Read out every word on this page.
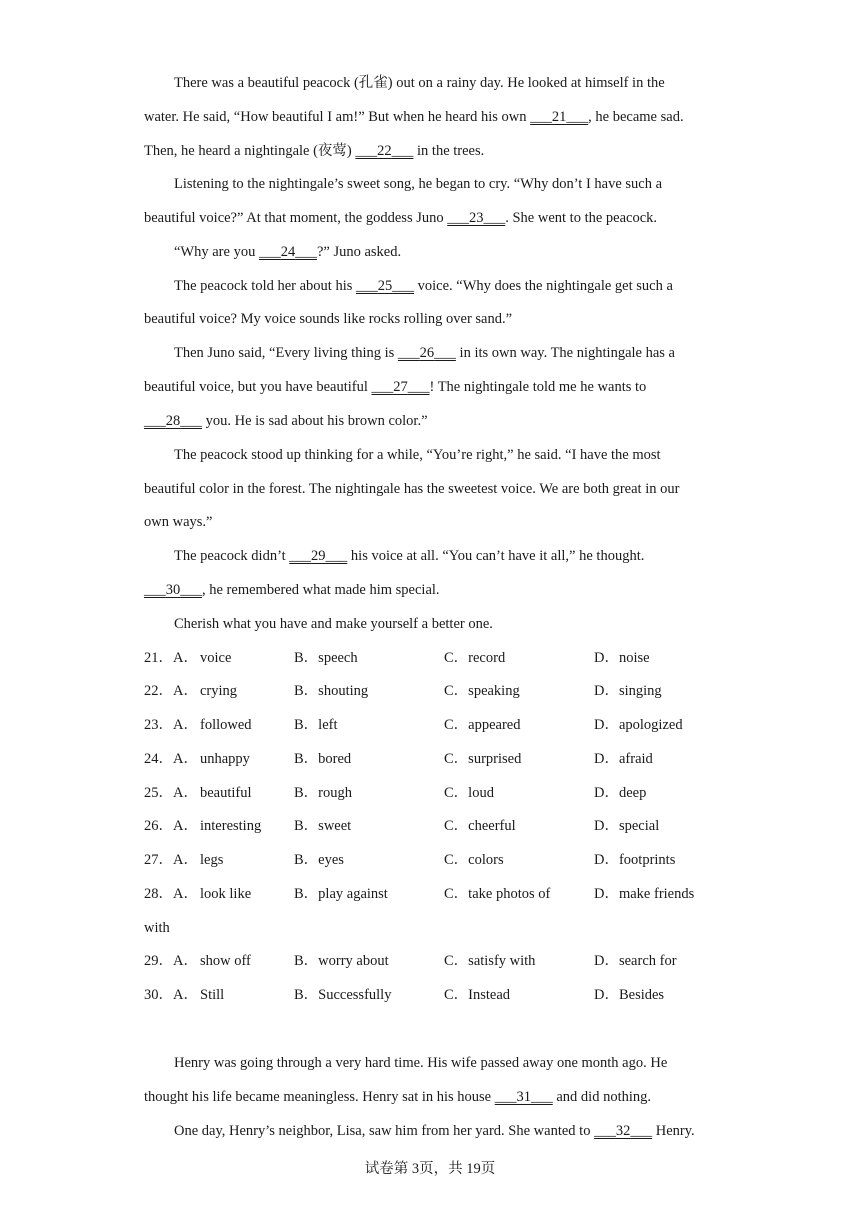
There was a beautiful peacock (孔雀) out on a rainy day. He looked at himself in the
water. He said, “How beautiful I am!” But when he heard his own ___ 21 ___ , he became sad.
Then, he heard a nightingale (夜莺) ___ 22 ___ in the trees.
Listening to the nightingale’s sweet song, he began to cry. “Why don’t I have such a
beautiful voice?” At that moment, the goddess Juno ___ 23 ___ . She went to the peacock.
“Why are you ___ 24 ___ ?” Juno asked.
The peacock told her about his ___ 25 ___ voice. “Why does the nightingale get such a
beautiful voice? My voice sounds like rocks rolling over sand.”
Then Juno said, “Every living thing is ___ 26 ___ in its own way. The nightingale has a
beautiful voice, but you have beautiful ___ 27 ___ ! The nightingale told me he wants to
___ 28 ___ you. He is sad about his brown color.”
The peacock stood up thinking for a while, “You’re right,” he said. “I have the most
beautiful color in the forest. The nightingale has the sweetest voice. We are both great in our
own ways.”
The peacock didn’t ___ 29 ___ his voice at all. “You can’t have it all,” he thought.
___ 30 ___ , he remembered what made him special.
Cherish what you have and make yourself a better one.
21．A． voice	B．speech	C．record	D．noise
22．A． crying	B．shouting	C．speaking	D．singing
23．A． followed	B．left	C．appeared	D．apologized
24．A． unhappy	B．bored	C．surprised	D．afraid
25．A． beautiful	B．rough	C．loud	D．deep
26．A． interesting B．sweet	C．cheerful	D．special
27．A． legs	B．eyes	C．colors	D．footprints
28．A． look like	B．play against	C．take photos of	D．make friends
with
29．A． show off	B．worry about	C．satisfy with	D．search for
30．A． Still	B．Successfully	C．Instead	D．Besides
Henry was going through a very hard time. His wife passed away one month ago. He
thought his life became meaningless. Henry sat in his house ___ 31 ___ and did nothing.
One day, Henry’s neighbor, Lisa, saw him from her yard. She wanted to ___ 32 ___ Henry.
试卷第 3页，共 19页
